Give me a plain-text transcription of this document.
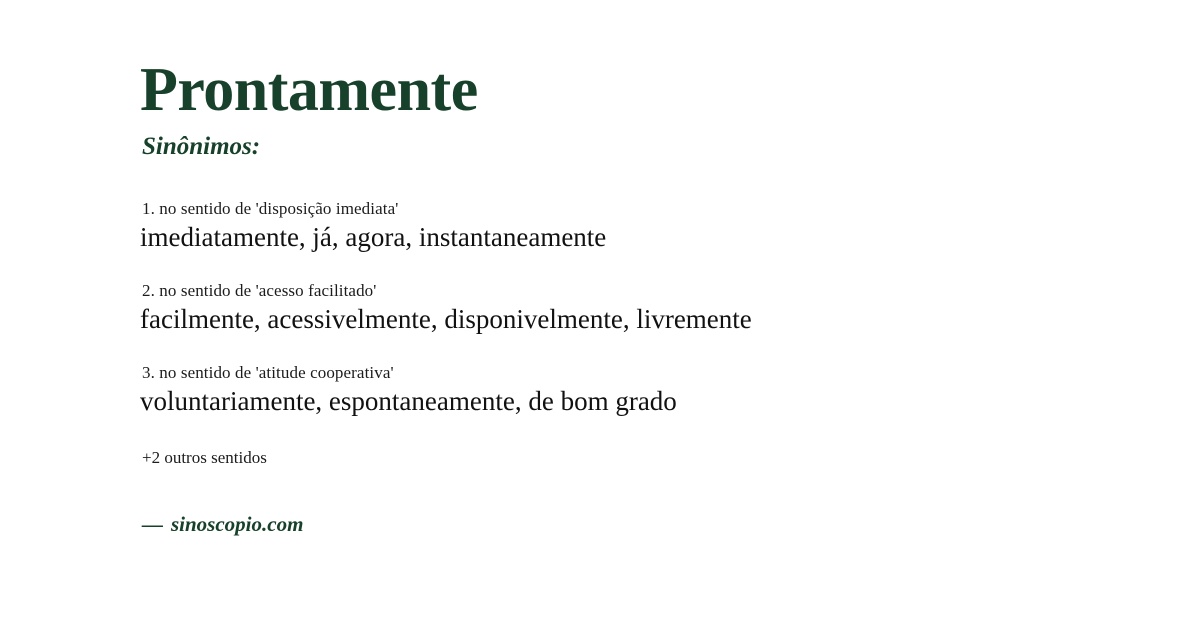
Prontamente
Sinônimos:
1. no sentido de 'disposição imediata'
imediatamente, já, agora, instantaneamente
2. no sentido de 'acesso facilitado'
facilmente, acessivelmente, disponivelmente, livremente
3. no sentido de 'atitude cooperativa'
voluntariamente, espontaneamente, de bom grado
+2 outros sentidos
— sinoscopio.com
